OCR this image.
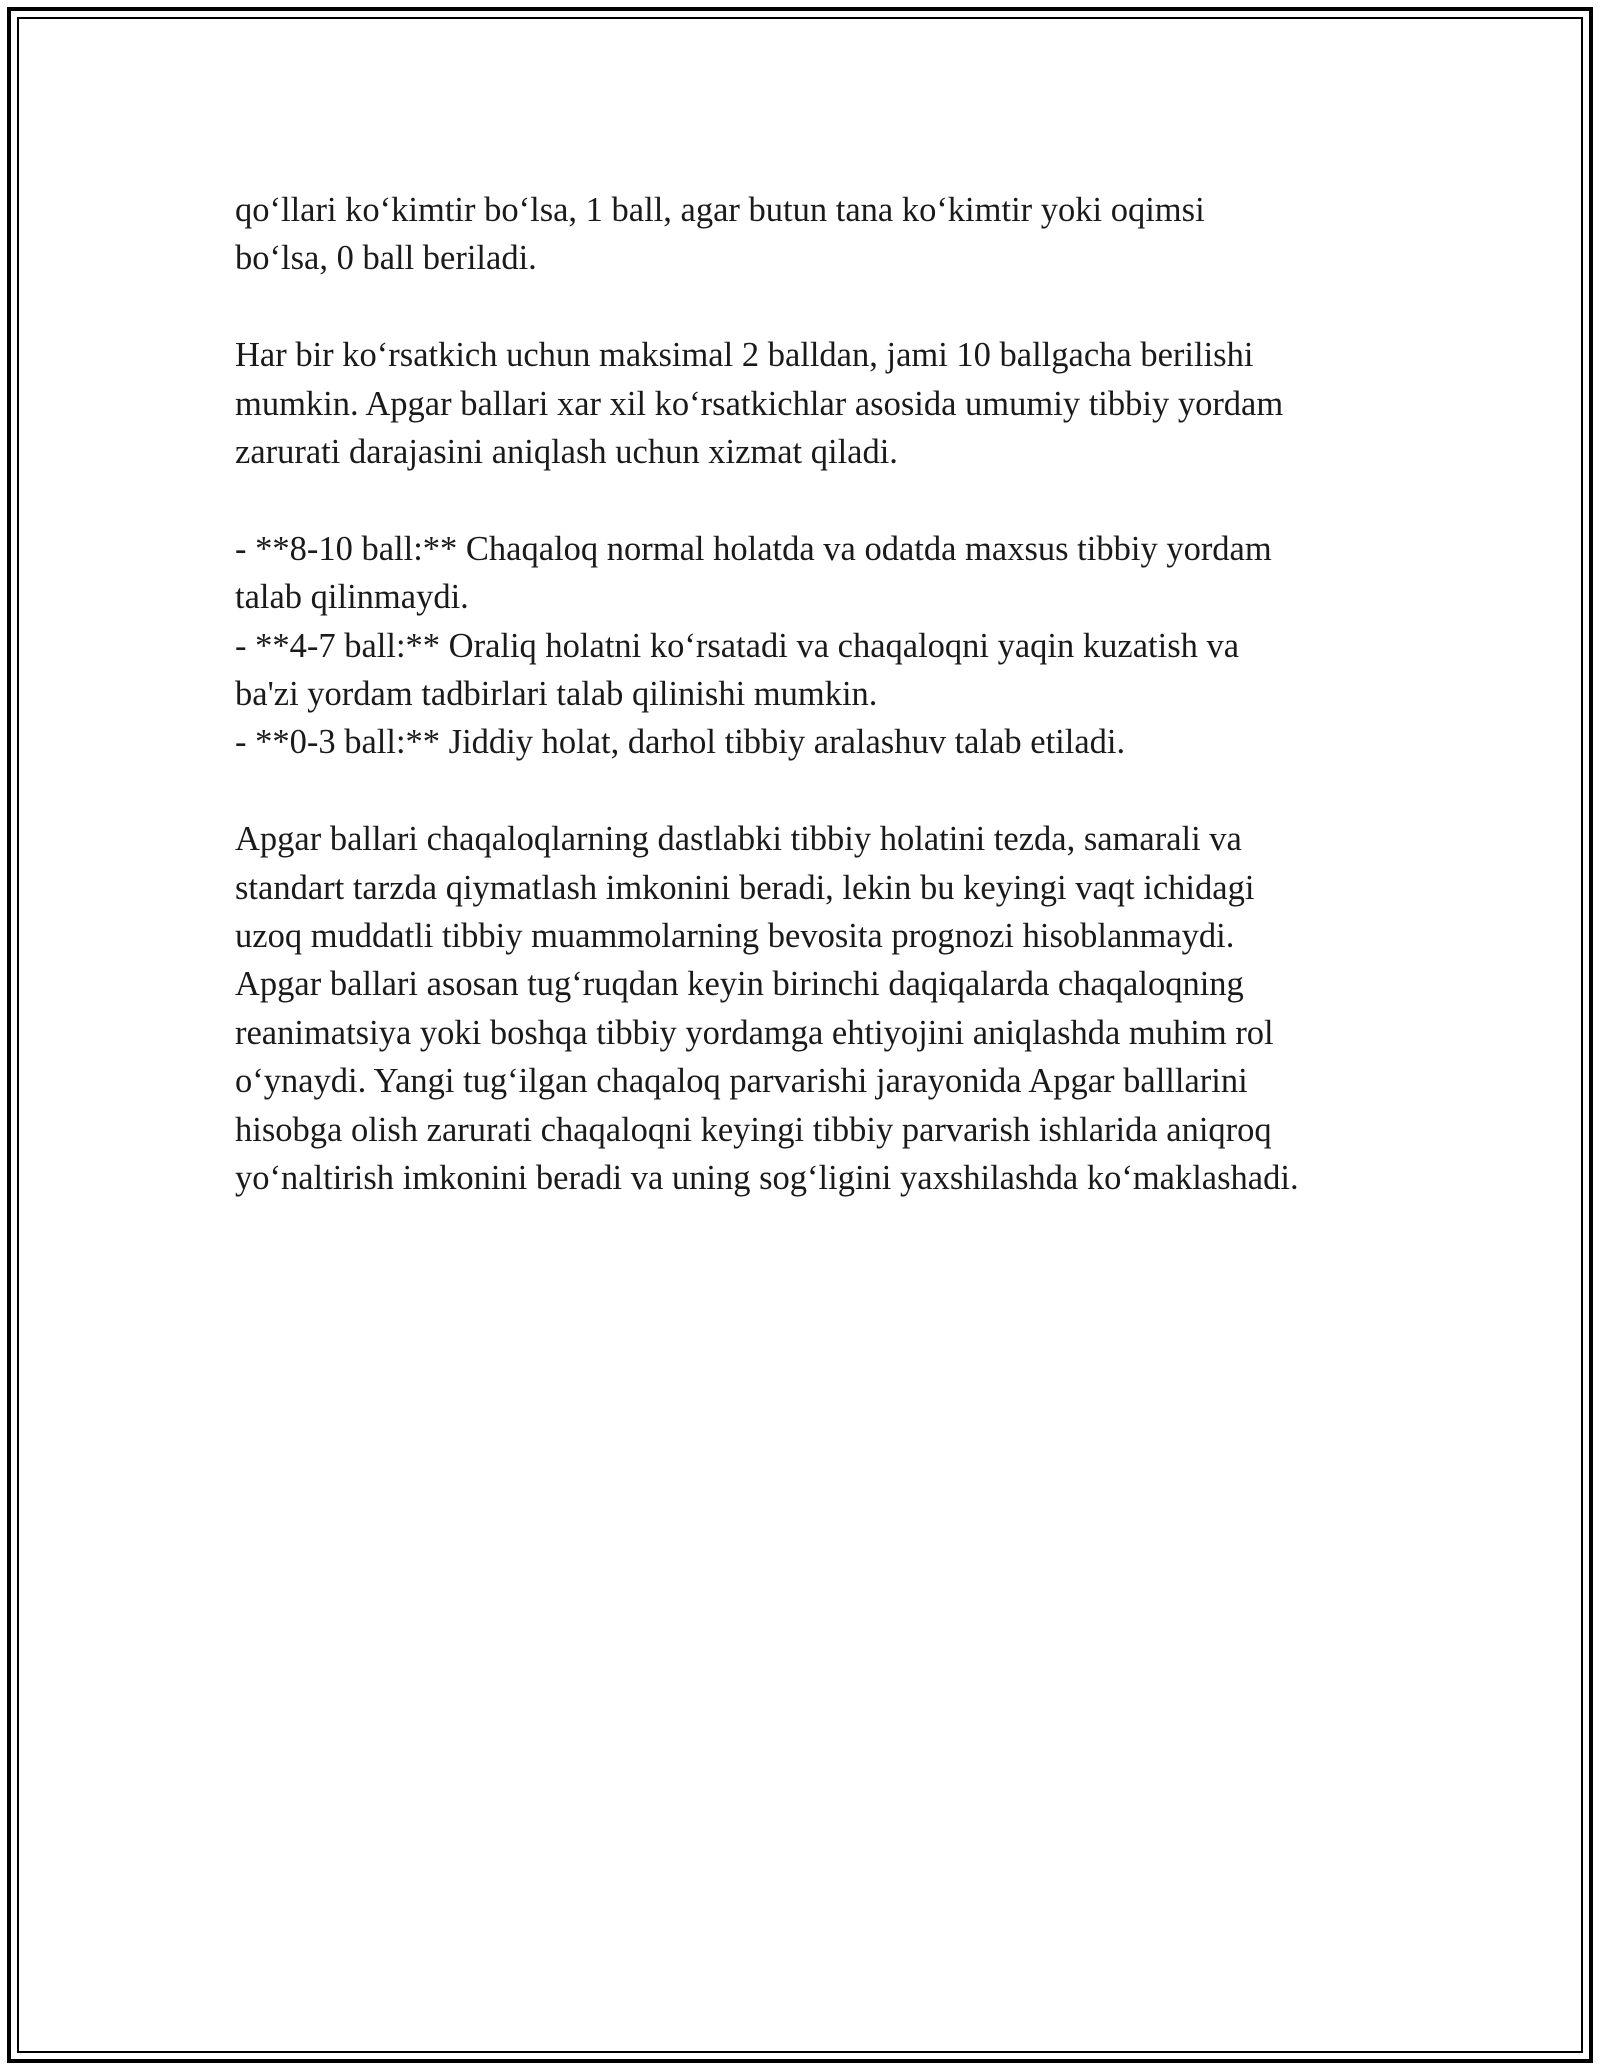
qo‘llari ko‘kimtir bo‘lsa, 1 ball, agar butun tana ko‘kimtir yoki oqimsi
bo‘lsa, 0 ball beriladi.

Har bir ko‘rsatkich uchun maksimal 2 balldan, jami 10 ballgacha berilishi
mumkin. Apgar ballari xar xil ko‘rsatkichlar asosida umumiy tibbiy yordam
zarurati darajasini aniqlash uchun xizmat qiladi.

- **8-10 ball:** Chaqaloq normal holatda va odatda maxsus tibbiy yordam
talab qilinmaydi.
- **4-7 ball:** Oraliq holatni ko‘rsatadi va chaqaloqni yaqin kuzatish va
ba'zi yordam tadbirlari talab qilinishi mumkin.
- **0-3 ball:** Jiddiy holat, darhol tibbiy aralashuv talab etiladi.

Apgar ballari chaqaloqlarning dastlabki tibbiy holatini tezda, samarali va
standart tarzda qiymatlash imkonini beradi, lekin bu keyingi vaqt ichidagi
uzoq muddatli tibbiy muammolarning bevosita prognozi hisoblanmaydi.
Apgar ballari asosan tug‘ruqdan keyin birinchi daqiqalarda chaqaloqning
reanimatsiya yoki boshqa tibbiy yordamga ehtiyojini aniqlashda muhim rol
o‘ynaydi. Yangi tug‘ilgan chaqaloq parvarishi jarayonida Apgar balllarini
hisobga olish zarurati chaqaloqni keyingi tibbiy parvarish ishlarida aniqroq
yo‘naltirish imkonini beradi va uning sog‘ligini yaxshilashda ko‘maklashadi.
